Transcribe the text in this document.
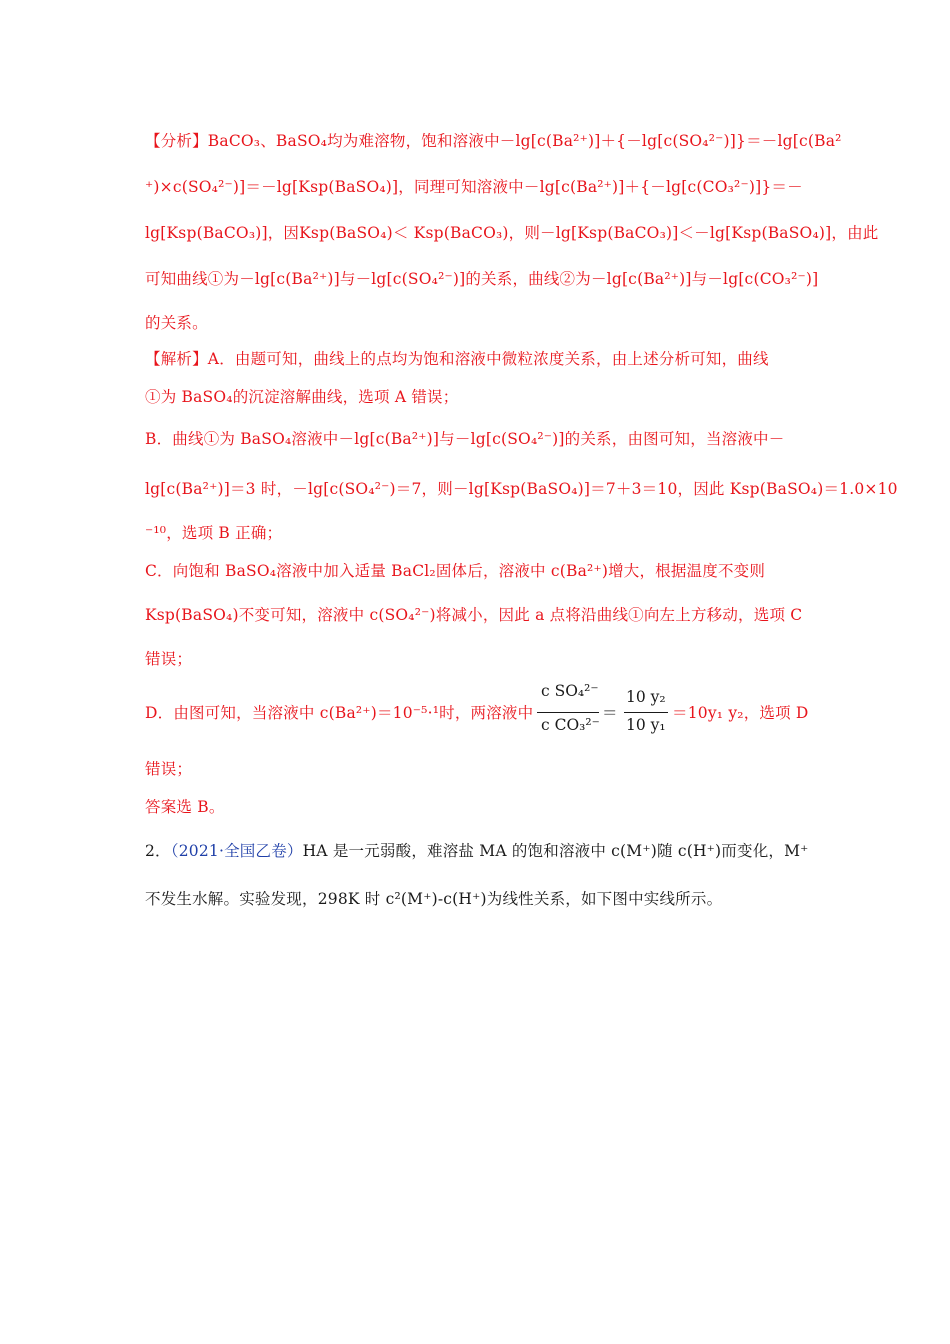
【分析】BaCO₃、BaSO₄均为难溶物，饱和溶液中－lg[c(Ba²⁺)]＋{－lg[c(SO₄²⁻)]}＝－lg[c(Ba²
⁺)×c(SO₄²⁻)]＝－lg[Ksp(BaSO₄)]，同理可知溶液中－lg[c(Ba²⁺)]＋{－lg[c(CO₃²⁻)]}＝－
lg[Ksp(BaCO₃)]，因Ksp(BaSO₄)＜ Ksp(BaCO₃)，则－lg[Ksp(BaCO₃)]＜－lg[Ksp(BaSO₄)]，由此
可知曲线①为－lg[c(Ba²⁺)]与－lg[c(SO₄²⁻)]的关系，曲线②为－lg[c(Ba²⁺)]与－lg[c(CO₃²⁻)]
的关系。
【解析】A．由题可知，曲线上的点均为饱和溶液中微粒浓度关系，由上述分析可知，曲线
①为 BaSO₄的沉淀溶解曲线，选项 A 错误；
B．曲线①为 BaSO₄溶液中－lg[c(Ba²⁺)]与－lg[c(SO₄²⁻)]的关系，由图可知，当溶液中－
lg[c(Ba²⁺)]＝3 时，－lg[c(SO₄²⁻)＝7，则－lg[Ksp(BaSO₄)]＝7＋3＝10，因此 Ksp(BaSO₄)＝1.0×10
⁻¹⁰，选项 B 正确；
C．向饱和 BaSO₄溶液中加入适量 BaCl₂固体后，溶液中 c(Ba²⁺)增大，根据温度不变则
Ksp(BaSO₄)不变可知，溶液中 c(SO₄²⁻)将减小，因此 a 点将沿曲线①向左上方移动，选项 C
错误；
D．由图可知，当溶液中 c(Ba²⁺)＝10⁻⁵·¹时，两溶液中
c SO₄²⁻
c CO₃²⁻
＝
10 y₂
10 y₁
＝10y₁ y₂，选项 D
错误；
答案选 B。
2．（2021·全国乙卷）HA 是一元弱酸，难溶盐 MA 的饱和溶液中 c(M⁺)随 c(H⁺)而变化，M⁺
不发生水解。实验发现，298K 时 c²(M⁺)-c(H⁺)为线性关系，如下图中实线所示。
